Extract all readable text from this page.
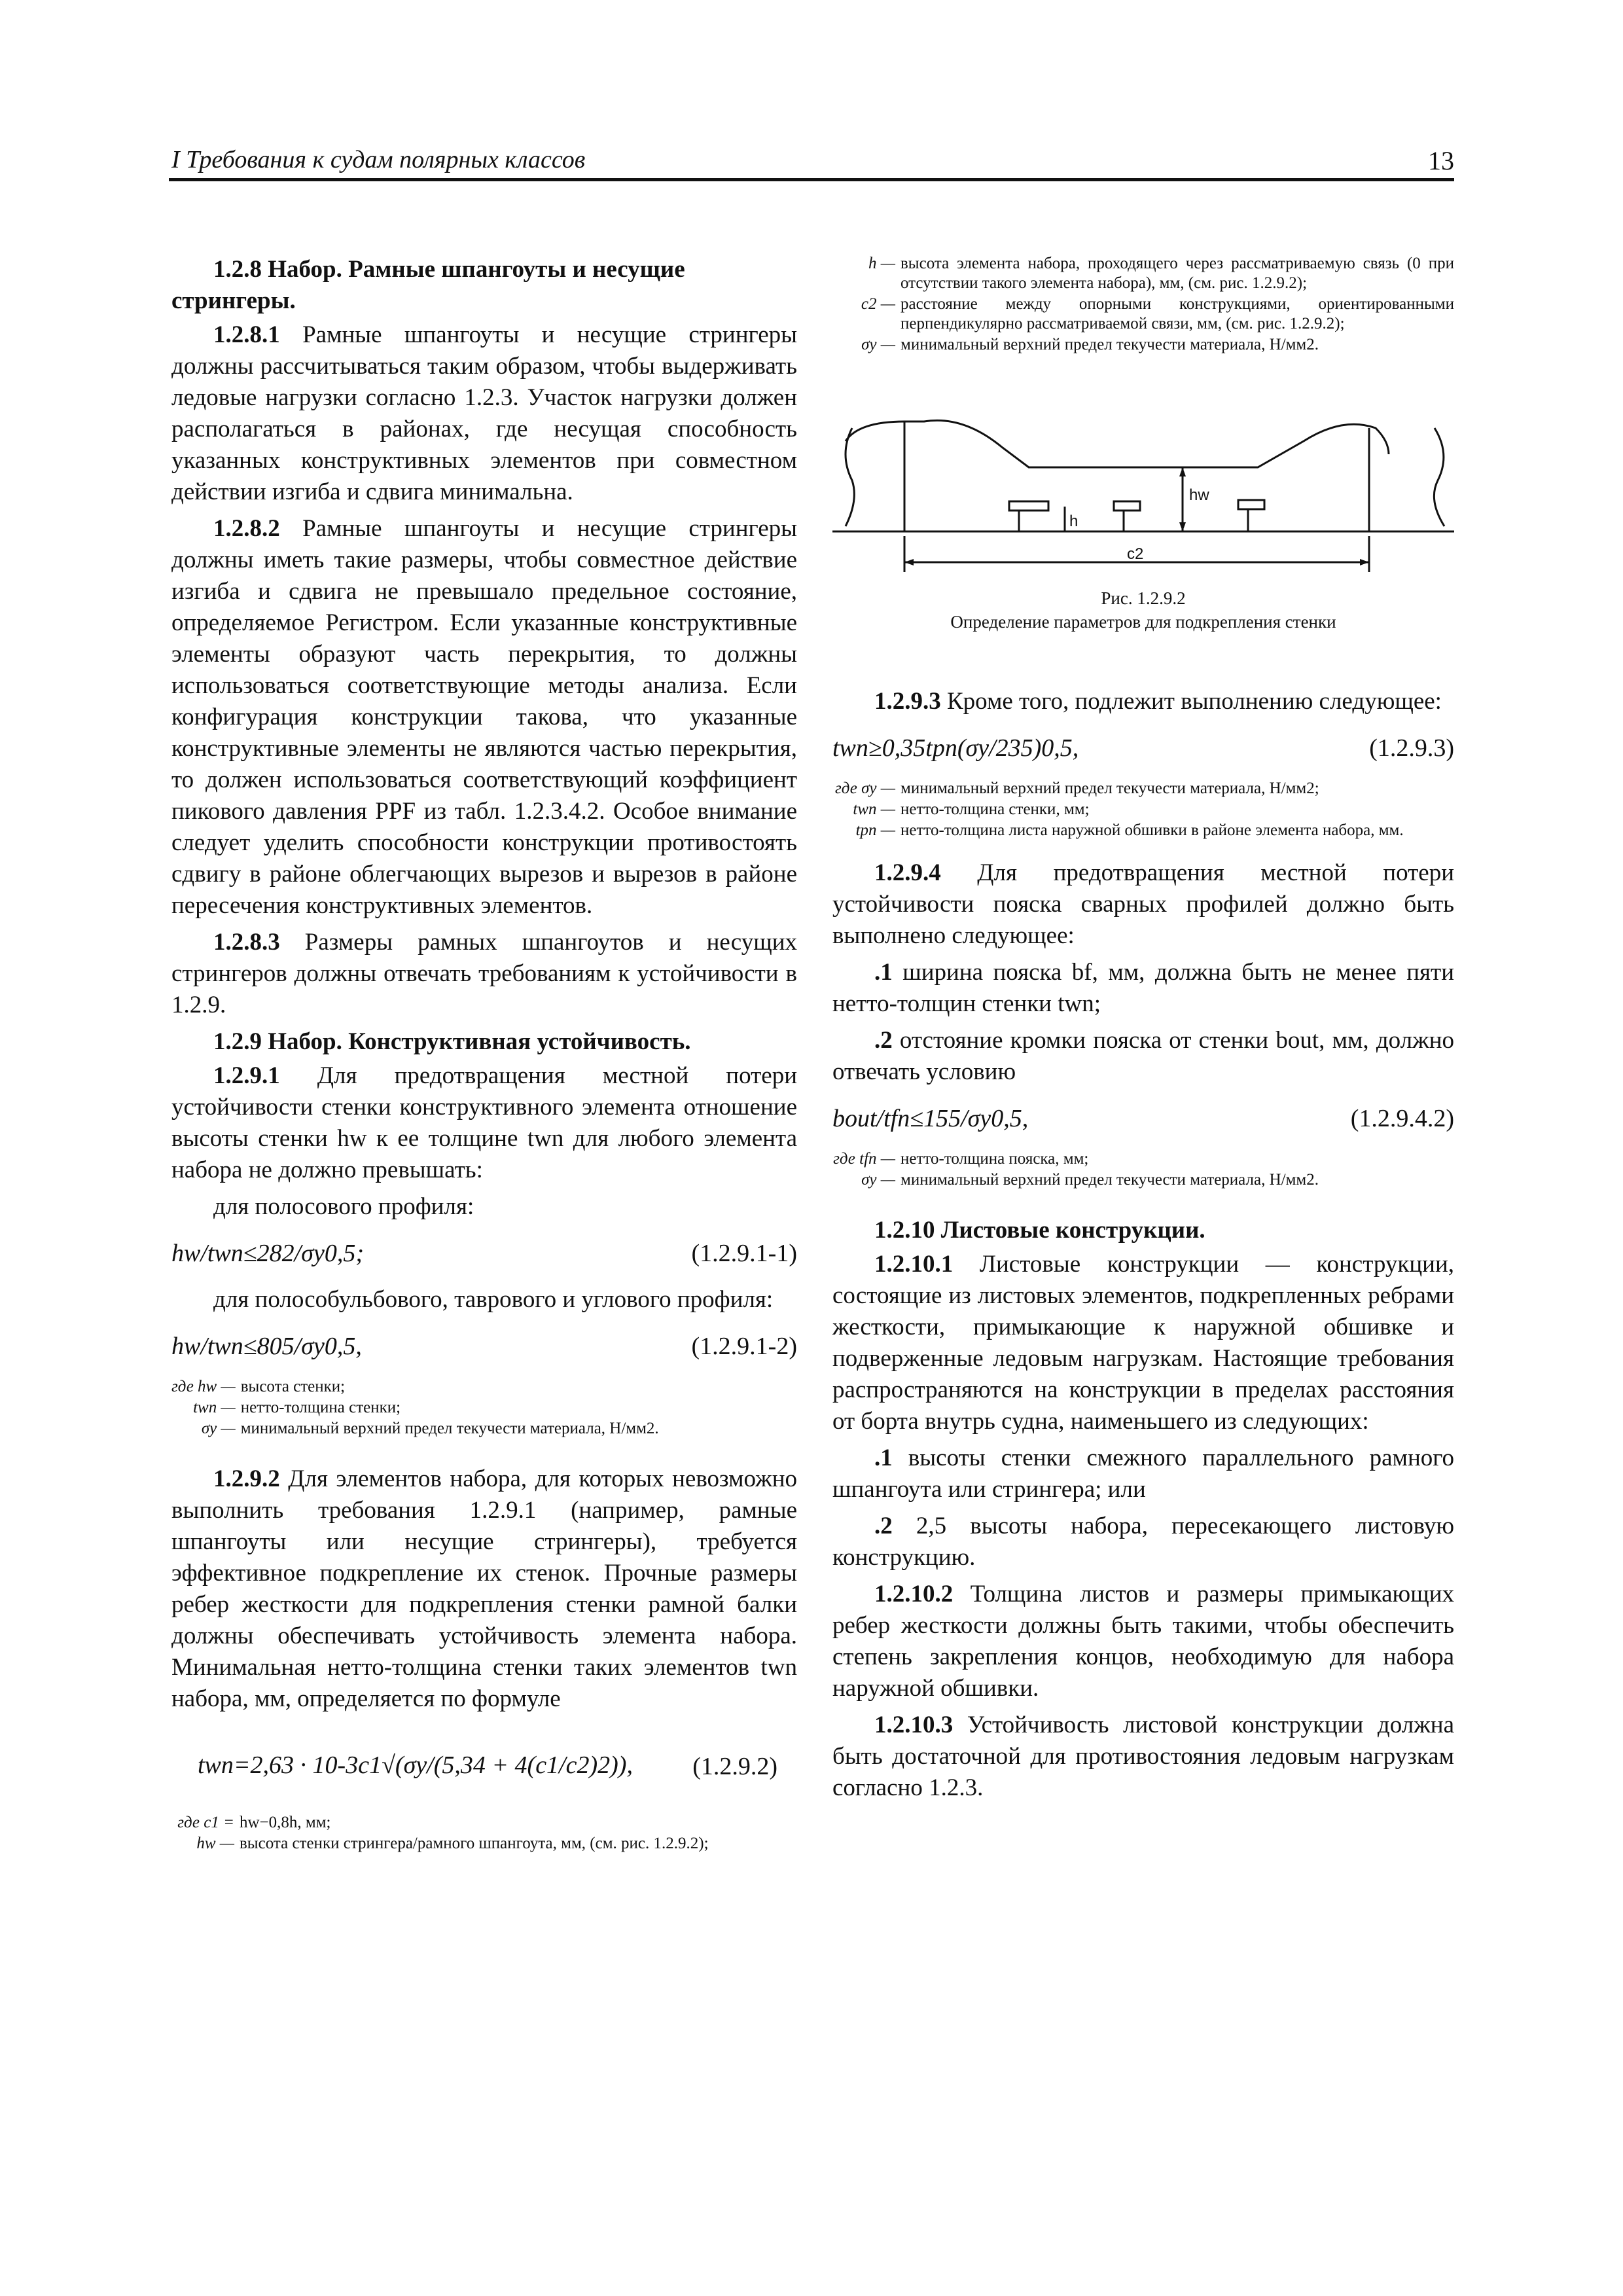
I Требования к судам полярных классов	13

1.2.8 Набор. Рамные шпангоуты и несущие стрингеры.

1.2.8.1 Рамные шпангоуты и несущие стрингеры должны рассчитываться таким образом, чтобы выдерживать ледовые нагрузки согласно 1.2.3. Участок нагрузки должен располагаться в районах, где несущая способность указанных конструктивных элементов при совместном действии изгиба и сдвига минимальна.

1.2.8.2 Рамные шпангоуты и несущие стрингеры должны иметь такие размеры, чтобы совместное действие изгиба и сдвига не превышало предельное состояние, определяемое Регистром. Если указанные конструктивные элементы образуют часть перекрытия, то должны использоваться соответствующие методы анализа. Если конфигурация конструкции такова, что указанные конструктивные элементы не являются частью перекрытия, то должен использоваться соответствующий коэффициент пикового давления PPF из табл. 1.2.3.4.2. Особое внимание следует уделить способности конструкции противостоять сдвигу в районе облегчающих вырезов и вырезов в районе пересечения конструктивных элементов.

1.2.8.3 Размеры рамных шпангоутов и несущих стрингеров должны отвечать требованиям к устойчивости в 1.2.9.

1.2.9 Набор. Конструктивная устойчивость.

1.2.9.1 Для предотвращения местной потери устойчивости стенки конструктивного элемента отношение высоты стенки hw к ее толщине twn для любого элемента набора не должно превышать:

для полосового профиля:

hw/twn≤282/σy0,5;	(1.2.9.1-1)

для полособульбового, таврового и углового профиля:

hw/twn≤805/σy0,5,	(1.2.9.1-2)
где hw —	высота стенки;
twn —	нетто-толщина стенки;
σy —	минимальный верхний предел текучести материала, Н/мм2.

1.2.9.2 Для элементов набора, для которых невозможно выполнить требования 1.2.9.1 (например, рамные шпангоуты или несущие стрингеры), требуется эффективное подкрепление их стенок. Прочные размеры ребер жесткости для подкрепления стенки рамной балки должны обеспечивать устойчивость элемента набора. Минимальная нетто-толщина стенки таких элементов twn набора, мм, определяется по формуле

twn=2,63 · 10-3c1√(σy/(5,34 + 4(c1/c2)2)), (1.2.9.2)
где c1 =	hw−0,8h, мм;
hw —	высота стенки стрингера/рамного шпангоута, мм, (см. рис. 1.2.9.2);
h —	высота элемента набора, проходящего через рассматриваемую связь (0 при отсутствии такого элемента набора), мм, (см. рис. 1.2.9.2);
c2 —	расстояние между опорными конструкциями, ориентированными перпендикулярно рассматриваемой связи, мм, (см. рис. 1.2.9.2);
σy —	минимальный верхний предел текучести материала, Н/мм2.
hw
h
c2
Рис. 1.2.9.2
Определение параметров для подкрепления стенки

1.2.9.3 Кроме того, подлежит выполнению следующее:

twn≥0,35tpn(σy/235)0,5,	(1.2.9.3)
где σy —	минимальный верхний предел текучести материала, Н/мм2;
twn —	нетто-толщина стенки, мм;
tpn —	нетто-толщина листа наружной обшивки в районе элемента набора, мм.

1.2.9.4 Для предотвращения местной потери устойчивости пояска сварных профилей должно быть выполнено следующее:

.1 ширина пояска bf, мм, должна быть не менее пяти нетто-толщин стенки twn;

.2 отстояние кромки пояска от стенки bout, мм, должно отвечать условию

bout/tfn≤155/σy0,5,	(1.2.9.4.2)
где tfn —	нетто-толщина пояска, мм;
σy —	минимальный верхний предел текучести материала, Н/мм2.

1.2.10 Листовые конструкции.

1.2.10.1 Листовые конструкции — конструкции, состоящие из листовых элементов, подкрепленных ребрами жесткости, примыкающие к наружной обшивке и подверженные ледовым нагрузкам. Настоящие требования распространяются на конструкции в пределах расстояния от борта внутрь судна, наименьшего из следующих:

.1 высоты стенки смежного параллельного рамного шпангоута или стрингера; или

.2 2,5 высоты набора, пересекающего листовую конструкцию.

1.2.10.2 Толщина листов и размеры примыкающих ребер жесткости должны быть такими, чтобы обеспечить степень закрепления концов, необходимую для набора наружной обшивки.

1.2.10.3 Устойчивость листовой конструкции должна быть достаточной для противостояния ледовым нагрузкам согласно 1.2.3.
